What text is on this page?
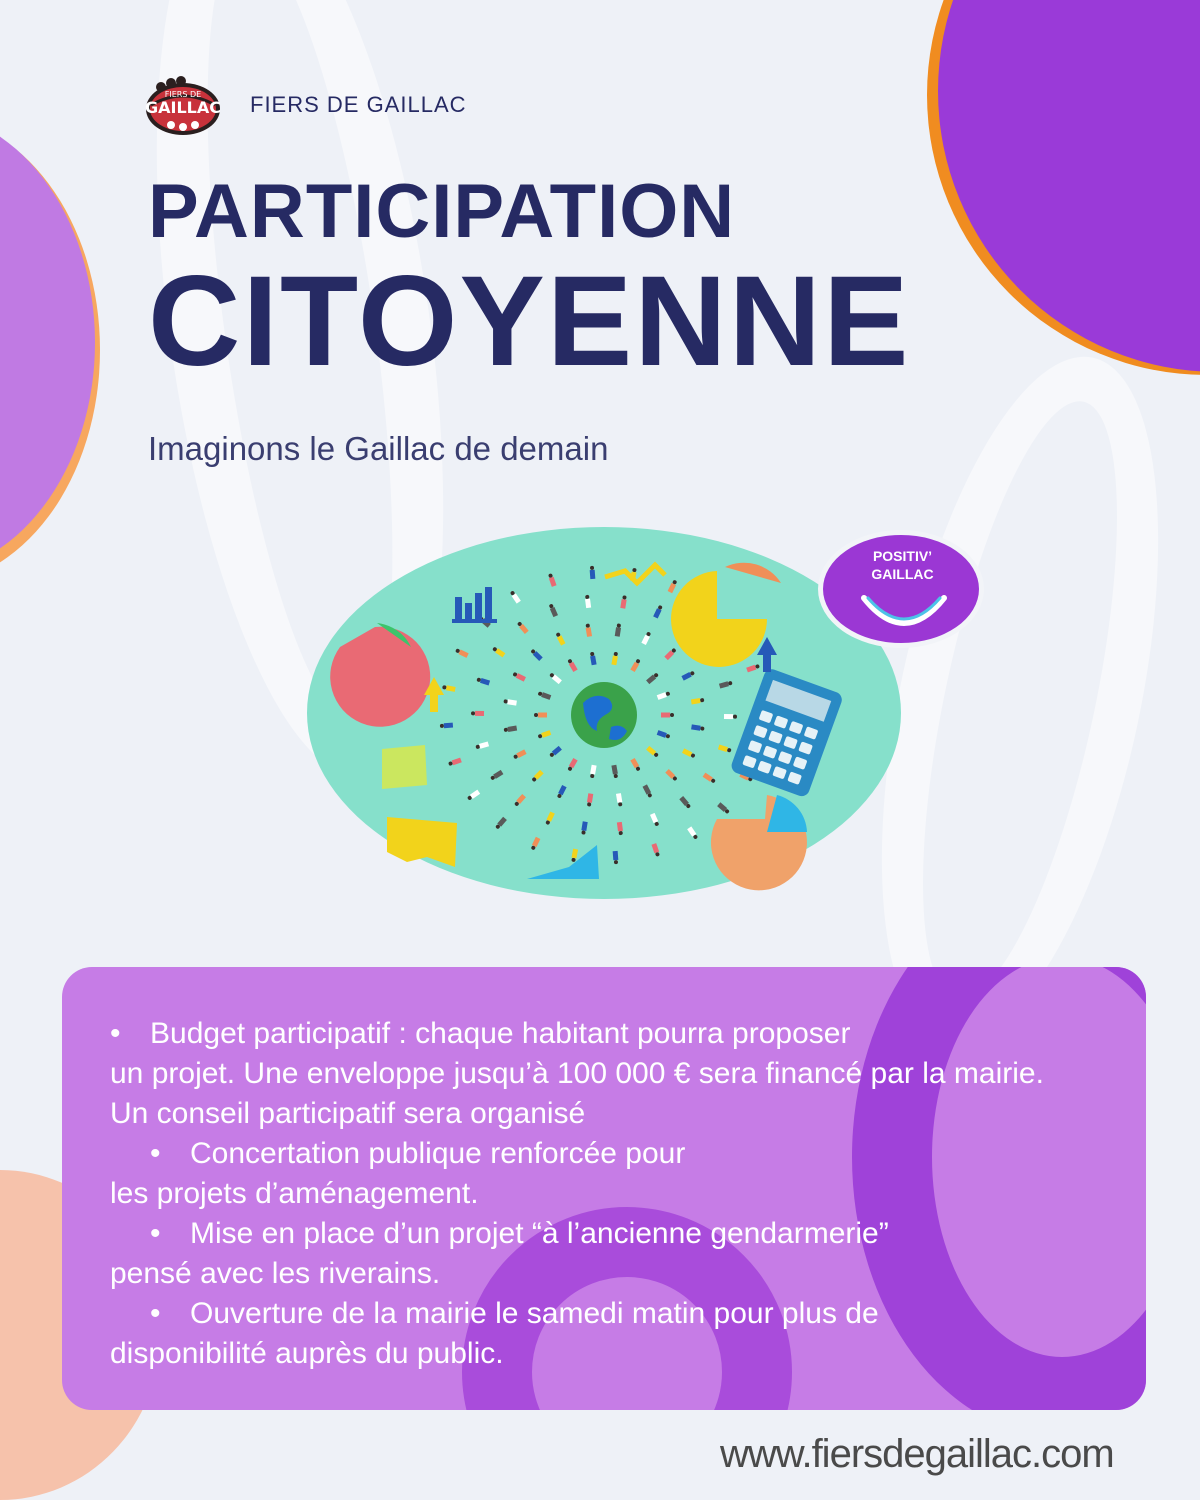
FIERS DE
GAILLAC FIERS DE GAILLAC
PARTICIPATION
CITOYENNE
Imaginons le Gaillac de demain
POSITIV’
GAILLAC
• Budget participatif : chaque habitant pourra proposer
un projet. Une enveloppe jusqu’à 100 000 € sera financé par la mairie.
Un conseil participatif sera organisé
• Concertation publique renforcée pour
les projets d’aménagement.
• Mise en place d’un projet “à l’ancienne gendarmerie”
pensé avec les riverains.
• Ouverture de la mairie le samedi matin pour plus de
disponibilité auprès du public.
www.fiersdegaillac.com
